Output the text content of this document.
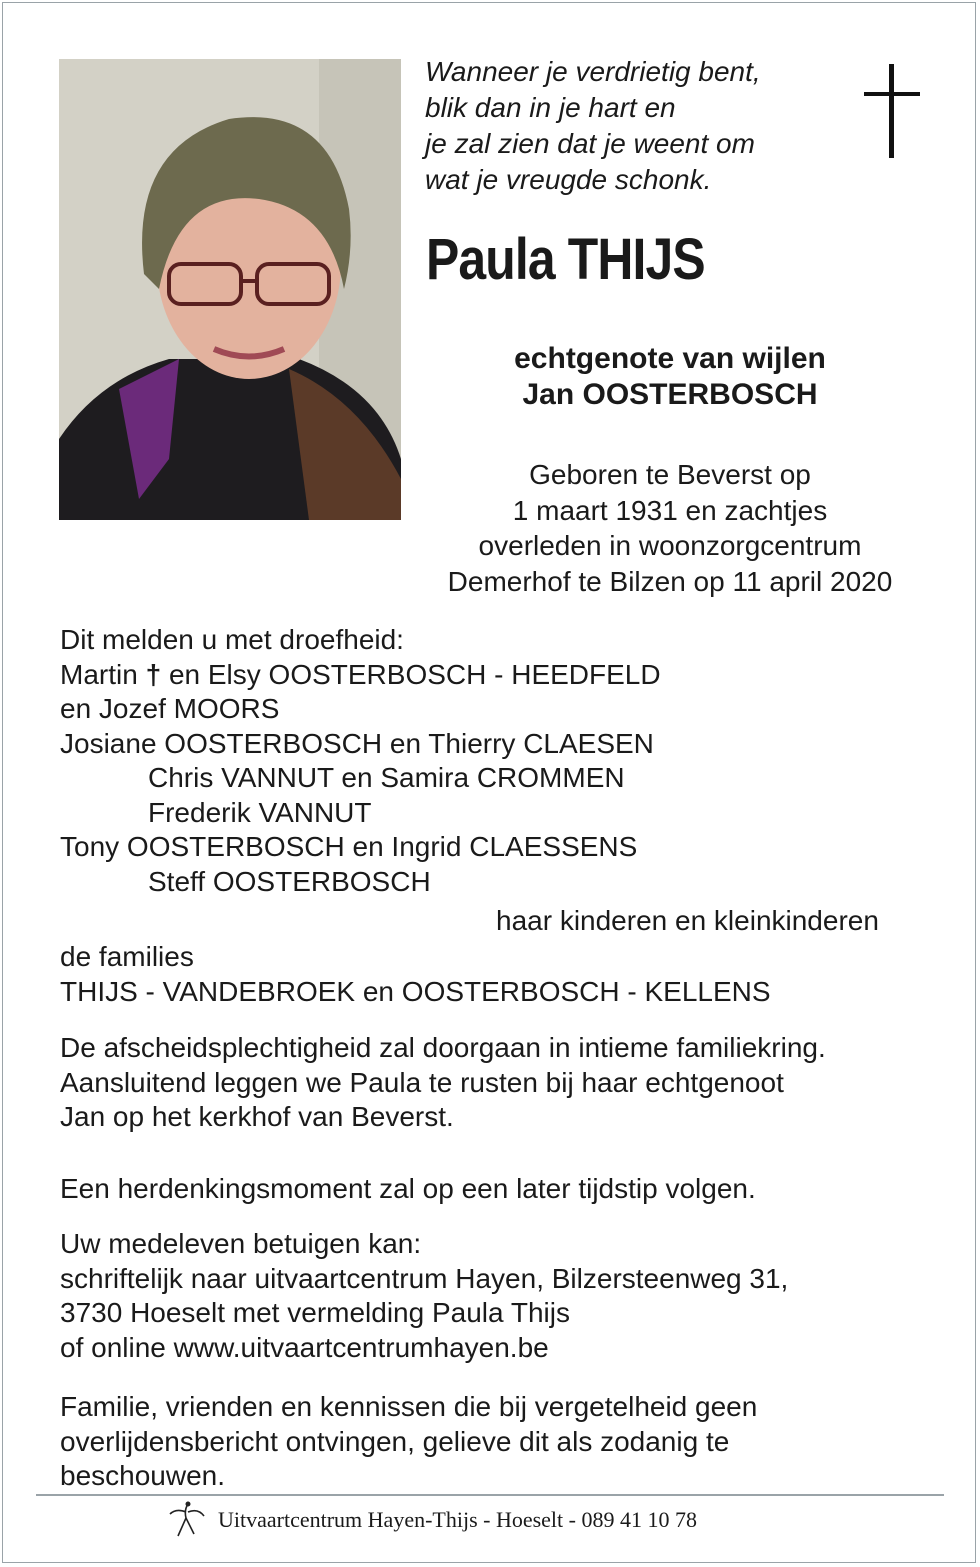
Wanneer je verdrietig bent,
blik dan in je hart en
je zal zien dat je weent om
wat je vreugde schonk.
Paula THIJS
echtgenote van wijlen
Jan OOSTERBOSCH
Geboren te Beverst op
1 maart 1931 en zachtjes
overleden in woonzorgcentrum
Demerhof te Bilzen op 11 april 2020
Dit melden u met droefheid:
Martin † en Elsy OOSTERBOSCH - HEEDFELD
en Jozef MOORS
Josiane OOSTERBOSCH en Thierry CLAESEN
Chris VANNUT en Samira CROMMEN
Frederik VANNUT
Tony OOSTERBOSCH en Ingrid CLAESSENS
Steff OOSTERBOSCH
haar kinderen en kleinkinderen
de families
THIJS - VANDEBROEK en OOSTERBOSCH - KELLENS
De afscheidsplechtigheid zal doorgaan in intieme familiekring.
Aansluitend leggen we Paula te rusten bij haar echtgenoot
Jan op het kerkhof van Beverst.
Een herdenkingsmoment zal op een later tijdstip volgen.
Uw medeleven betuigen kan:
schriftelijk naar uitvaartcentrum Hayen, Bilzersteenweg 31,
3730 Hoeselt met vermelding Paula Thijs
of online www.uitvaartcentrumhayen.be
Familie, vrienden en kennissen die bij vergetelheid geen
overlijdensbericht ontvingen, gelieve dit als zodanig te
beschouwen.
Uitvaartcentrum Hayen-Thijs - Hoeselt - 089 41 10 78
